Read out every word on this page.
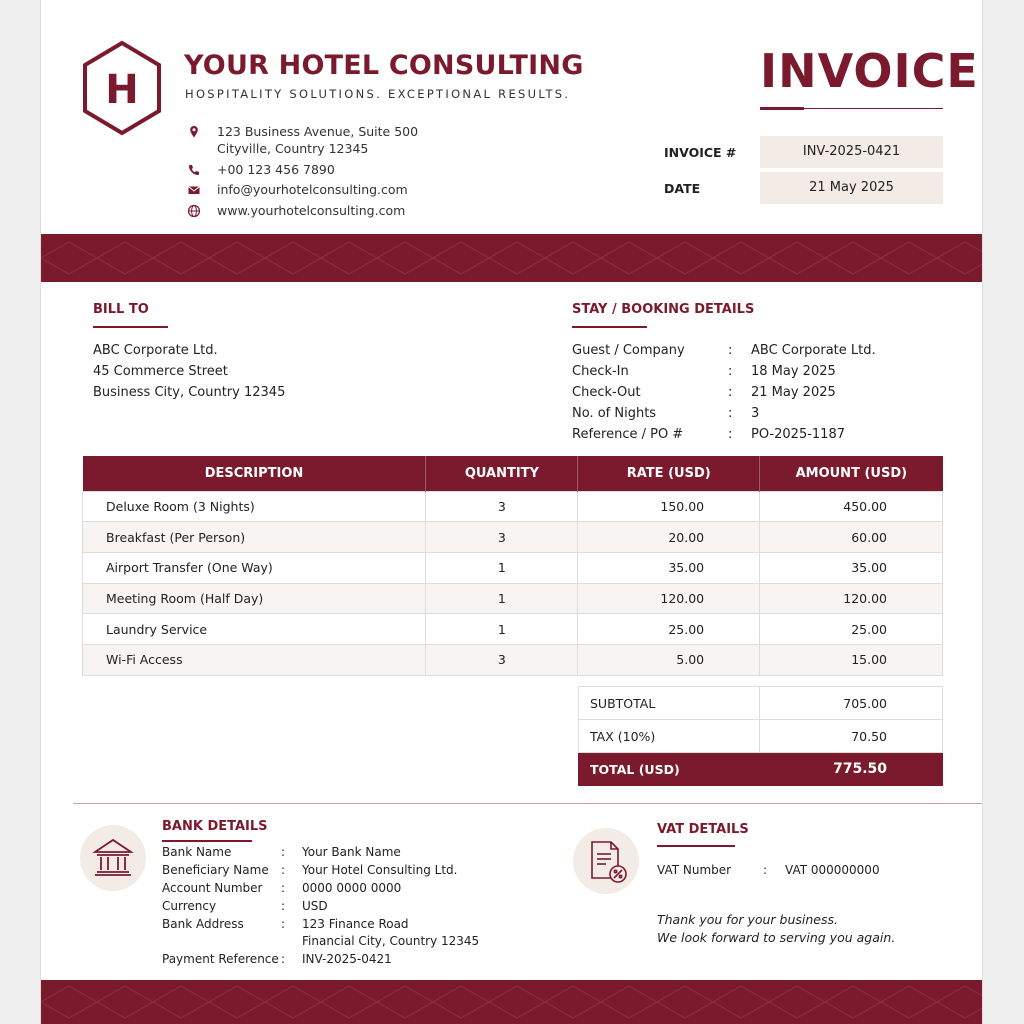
H
YOUR HOTEL CONSULTING
HOSPITALITY SOLUTIONS. EXCEPTIONAL RESULTS.
123 Business Avenue, Suite 500
Cityville, Country 12345
+00 123 456 7890
info@yourhotelconsulting.com
www.yourhotelconsulting.com
INVOICE
INVOICE #	INV-2025-0421
DATE	21 May 2025
BILL TO
ABC Corporate Ltd.
45 Commerce Street
Business City, Country 12345
STAY / BOOKING DETAILS
Guest / Company	: ABC Corporate Ltd.
Check-In	: 18 May 2025
Check-Out	: 21 May 2025
No. of Nights	: 3
Reference / PO #	: PO-2025-1187
DESCRIPTION	QUANTITY	RATE (USD)	AMOUNT (USD)
Deluxe Room (3 Nights)	3	150.00	450.00
Breakfast (Per Person)	3	20.00	60.00
Airport Transfer (One Way)	1	35.00	35.00
Meeting Room (Half Day)	1	120.00	120.00
Laundry Service	1	25.00	25.00
Wi-Fi Access	3	5.00	15.00
SUBTOTAL	705.00
TAX (10%)	70.50
TOTAL (USD)	775.50
BANK DETAILS
Bank Name	: Your Bank Name
Beneficiary Name : Your Hotel Consulting Ltd.
Account Number : 0000 0000 0000
Currency	: USD
Bank Address	: 123 Finance Road
Financial City, Country 12345
Payment Reference : INV-2025-0421
VAT DETAILS
VAT Number	: VAT 000000000
Thank you for your business.
We look forward to serving you again.
